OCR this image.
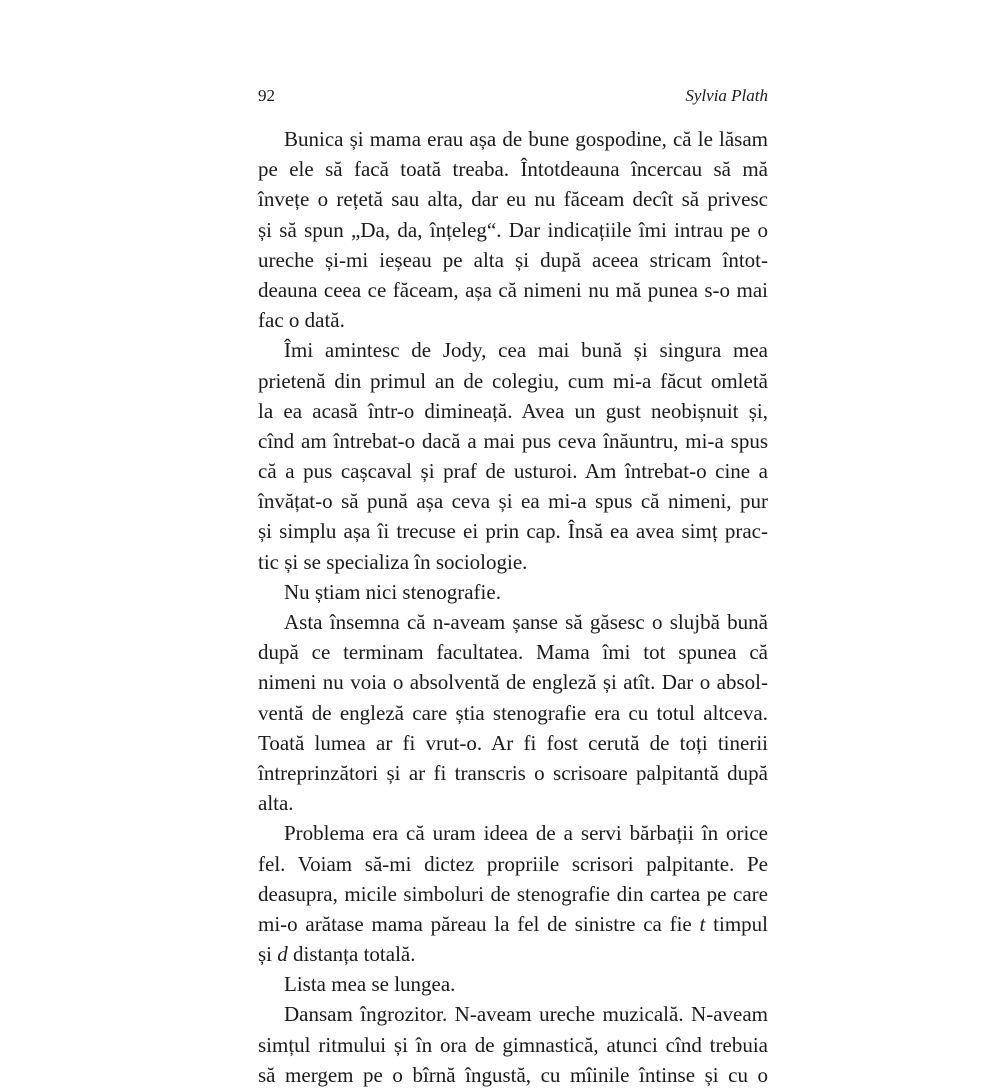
92	Sylvia Plath
Bunica și mama erau așa de bune gospodine, că le lăsam
pe ele să facă toată treaba. Întotdeauna încercau să mă
învețe o rețetă sau alta, dar eu nu făceam decît să privesc
și să spun „Da, da, înțeleg“. Dar indicațiile îmi intrau pe o
ureche și-mi ieșeau pe alta și după aceea stricam întot-
deauna ceea ce făceam, așa că nimeni nu mă punea s-o mai
fac o dată.
Îmi amintesc de Jody, cea mai bună și singura mea
prietenă din primul an de colegiu, cum mi-a făcut omletă
la ea acasă într-o dimineață. Avea un gust neobișnuit și,
cînd am întrebat-o dacă a mai pus ceva înăuntru, mi-a spus
că a pus cașcaval și praf de usturoi. Am întrebat-o cine a
învățat-o să pună așa ceva și ea mi-a spus că nimeni, pur
și simplu așa îi trecuse ei prin cap. Însă ea avea simț prac-
tic și se specializa în sociologie.
Nu știam nici stenografie.
Asta însemna că n-aveam șanse să găsesc o slujbă bună
după ce terminam facultatea. Mama îmi tot spunea că
nimeni nu voia o absolventă de engleză și atît. Dar o absol-
ventă de engleză care știa stenografie era cu totul altceva.
Toată lumea ar fi vrut-o. Ar fi fost cerută de toți tinerii
întreprinzători și ar fi transcris o scrisoare palpitantă după
alta.
Problema era că uram ideea de a servi bărbații în orice
fel. Voiam să-mi dictez propriile scrisori palpitante. Pe
deasupra, micile simboluri de stenografie din cartea pe care
mi-o arătase mama păreau la fel de sinistre ca fie t timpul
și d distanța totală.
Lista mea se lungea.
Dansam îngrozitor. N-aveam ureche muzicală. N-aveam
simțul ritmului și în ora de gimnastică, atunci cînd trebuia
să mergem pe o bîrnă îngustă, cu mîinile întinse și cu o
